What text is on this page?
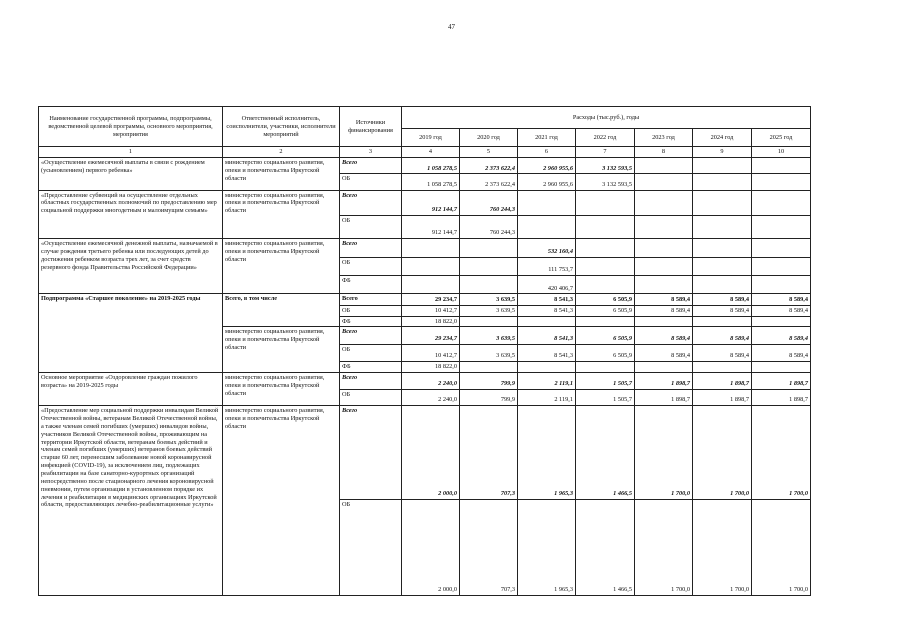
47
Наименование государственной программы, подпрограммы, ведомственной целевой программы, основного мероприятия, мероприятия	Ответственный исполнитель, соисполнители, участники, исполнители мероприятий	Источники финансирования	Расходы (тыс.руб.), годы						
			2019 год	2020 год	2021 год	2022 год	2023 год	2024 год	2025 год
1	2	3	4	5	6	7	8	9	10
«Осуществление ежемесячной выплаты в связи с рождением (усыновлением) первого ребенка»	министерство социального развития, опеки и попечительства Иркутской области	Всего	1 058 278,5	2 373 622,4	2 960 955,6	3 132 593,5			
		ОБ	1 058 278,5	2 373 622,4	2 960 955,6	3 132 593,5			
«Предоставление субвенций на осуществление отдельных областных государственных полномочий по предоставлению мер социальной поддержки многодетным и малоимущим семьям»	министерство социального развития, опеки и попечительства Иркутской области	Всего	912 144,7	760 244,3					
		ОБ	912 144,7	760 244,3					
«Осуществление ежемесячной денежной выплаты, назначаемой в случае рождения третьего ребенка или последующих детей до достижения ребенком возраста трех лет, за счет средств резервного фонда Правительства Российской Федерации»	министерство социального развития, опеки и попечительства Иркутской области	Всего			532 160,4				
		ОБ			111 753,7				
		ФБ			420 406,7				
Подпрограмма «Старшее поколение» на 2019-2025 годы	Всего, в том числе	Всего	29 234,7	3 639,5	8 541,3	6 505,9	8 589,4	8 589,4	8 589,4
		ОБ	10 412,7	3 639,5	8 541,3	6 505,9	8 589,4	8 589,4	8 589,4
		ФБ	18 822,0						
	министерство социального развития, опеки и попечительства Иркутской области	Всего	29 234,7	3 639,5	8 541,3	6 505,9	8 589,4	8 589,4	8 589,4
		ОБ	10 412,7	3 639,5	8 541,3	6 505,9	8 589,4	8 589,4	8 589,4
		ФБ	18 822,0						
Основное мероприятие «Оздоровление граждан пожилого возраста» на 2019-2025 годы	министерство социального развития, опеки и попечительства Иркутской области	Всего	2 240,0	799,9	2 119,1	1 505,7	1 898,7	1 898,7	1 898,7
		ОБ	2 240,0	799,9	2 119,1	1 505,7	1 898,7	1 898,7	1 898,7
«Предоставление мер социальной поддержки инвалидам Великой Отечественной войны, ветеранам Великой Отечественной войны, а также членам семей погибших (умерших) инвалидов войны, участников Великой Отечественной войны, проживающим на территории Иркутской области, ветеранам боевых действий и членам семей погибших (умерших) ветеранов боевых действий старше 60 лет, перенесшим заболевание новой коронавирусной инфекцией (COVID-19), за исключением лиц, подлежащих реабилитации на базе санаторно-курортных организаций непосредственно после стационарного лечения короновирусной пневмонии, путем организации в установленном порядке их лечения и реабилитации в медицинских организациях Иркутской области, предоставляющих лечебно-реабилитационные услуги»	министерство социального развития, опеки и попечительства Иркутской области	Всего	2 000,0	707,3	1 965,3	1 466,5	1 700,0	1 700,0	1 700,0
		ОБ	2 000,0	707,3	1 965,3	1 466,5	1 700,0	1 700,0	1 700,0
